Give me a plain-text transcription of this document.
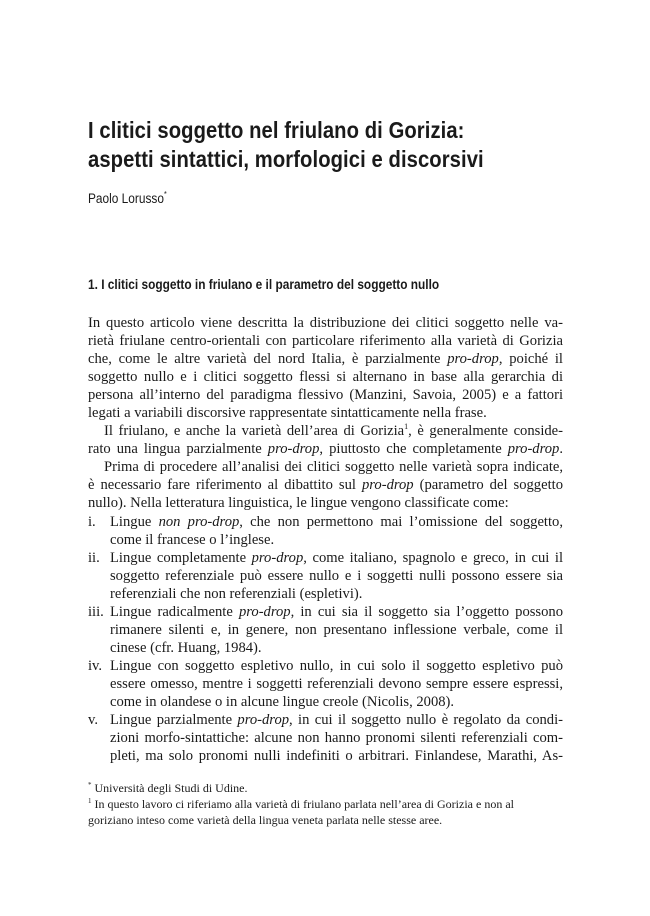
I clitici soggetto nel friulano di Gorizia:
aspetti sintattici, morfologici e discorsivi
Paolo Lorusso*
1. I clitici soggetto in friulano e il parametro del soggetto nullo
In questo articolo viene descritta la distribuzione dei clitici soggetto nelle va-
rietà friulane centro-orientali con particolare riferimento alla varietà di Gorizia
che, come le altre varietà del nord Italia, è parzialmente pro-drop, poiché il
soggetto nullo e i clitici soggetto flessi si alternano in base alla gerarchia di
persona all’interno del paradigma flessivo (Manzini, Savoia, 2005) e a fattori
legati a variabili discorsive rappresentate sintatticamente nella frase.
Il friulano, e anche la varietà dell’area di Gorizia$^1$, è generalmente conside-
rato una lingua parzialmente pro-drop, piuttosto che completamente pro-drop.
Prima di procedere all’analisi dei clitici soggetto nelle varietà sopra indicate,
è necessario fare riferimento al dibattito sul pro-drop (parametro del soggetto
nullo). Nella letteratura linguistica, le lingue vengono classificate come:
i. Lingue non pro-drop, che non permettono mai l’omissione del soggetto,
come il francese o l’inglese.
ii. Lingue completamente pro-drop, come italiano, spagnolo e greco, in cui il
soggetto referenziale può essere nullo e i soggetti nulli possono essere sia
referenziali che non referenziali (espletivi).
iii. Lingue radicalmente pro-drop, in cui sia il soggetto sia l’oggetto possono
rimanere silenti e, in genere, non presentano inflessione verbale, come il
cinese (cfr. Huang, 1984).
iv. Lingue con soggetto espletivo nullo, in cui solo il soggetto espletivo può
essere omesso, mentre i soggetti referenziali devono sempre essere espressi,
come in olandese o in alcune lingue creole (Nicolis, 2008).
v. Lingue parzialmente pro-drop, in cui il soggetto nullo è regolato da condi-
zioni morfo-sintattiche: alcune non hanno pronomi silenti referenziali com-
pleti, ma solo pronomi nulli indefiniti o arbitrari. Finlandese, Marathi, As-
* Università degli Studi di Udine.
$^1$ In questo lavoro ci riferiamo alla varietà di friulano parlata nell’area di Gorizia e non al
goriziano inteso come varietà della lingua veneta parlata nelle stesse aree.
